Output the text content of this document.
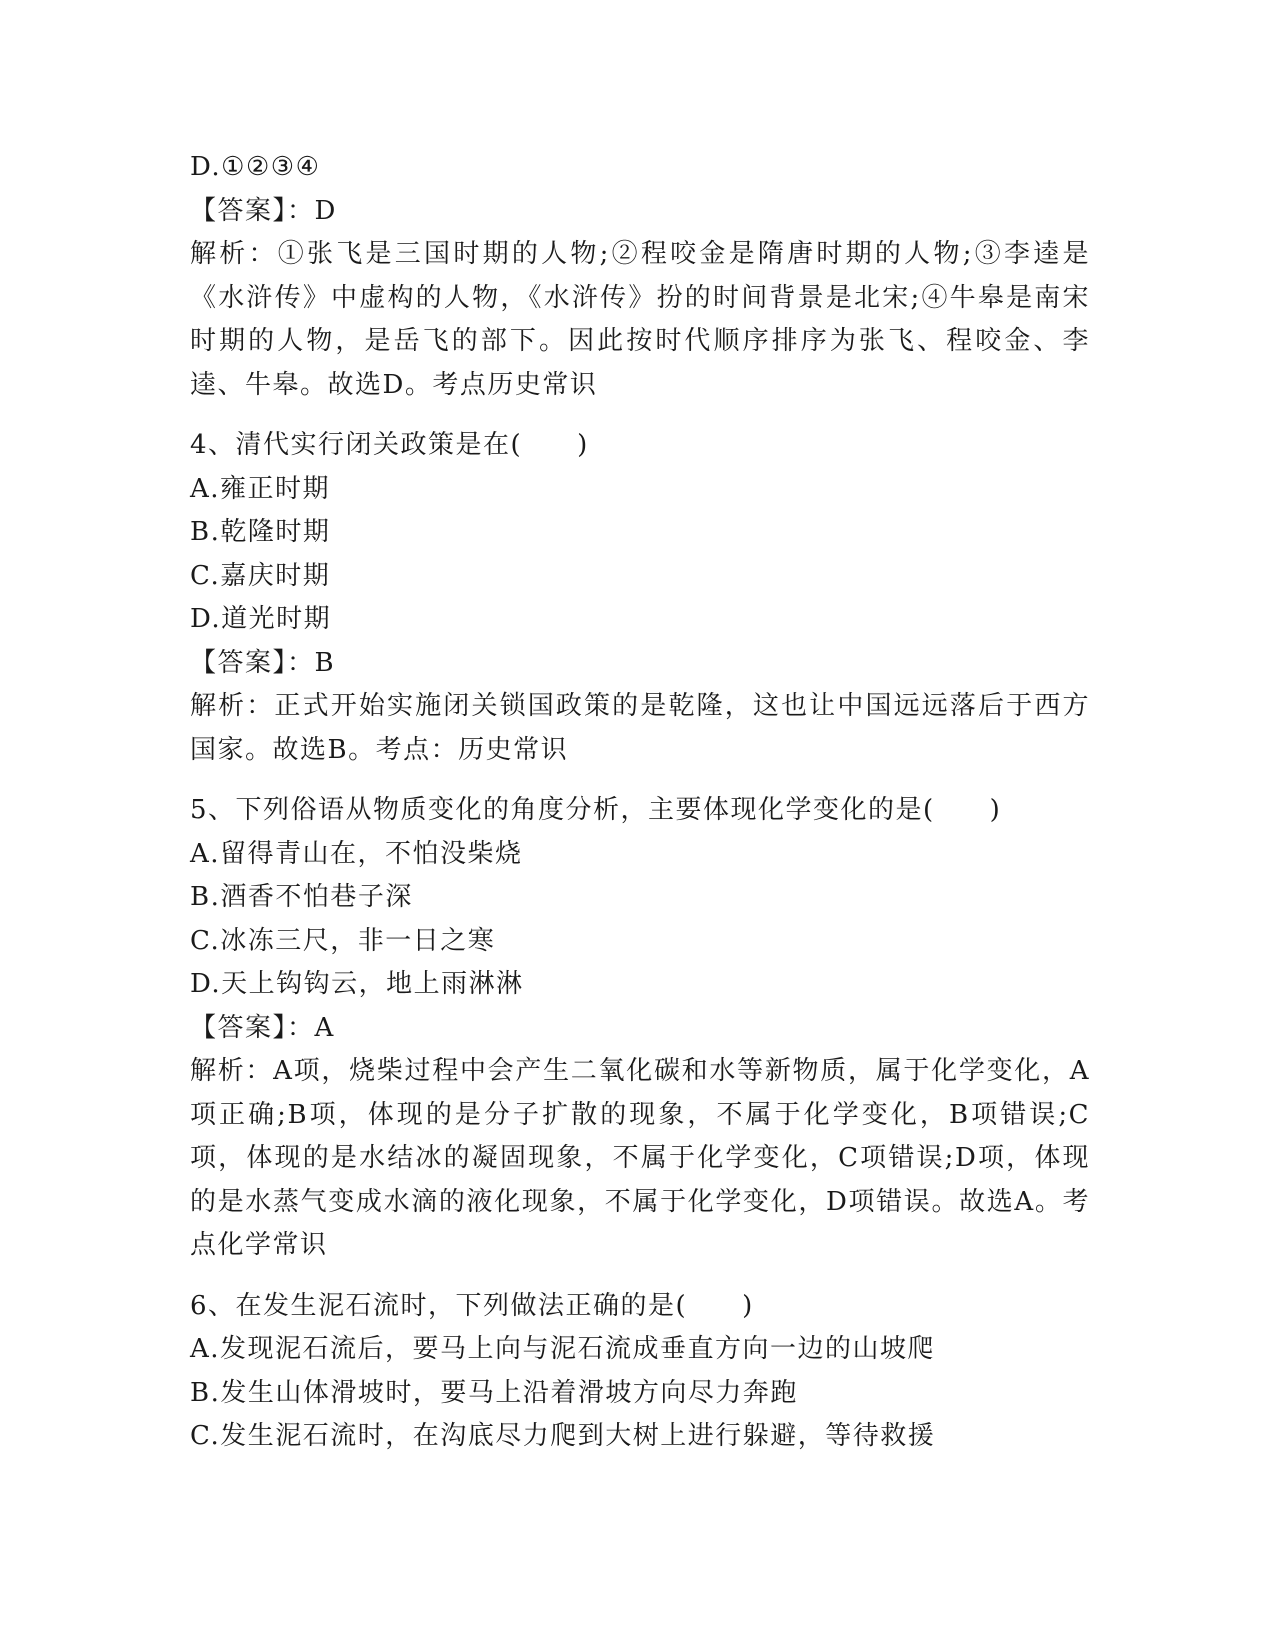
D.①②③④

【答案】：D

解析：①张飞是三国时期的人物;②程咬金是隋唐时期的人物;③李逵是《水浒传》中虚构的人物，《水浒传》扮的时间背景是北宋;④牛皋是南宋时期的人物，是岳飞的部下。因此按时代顺序排序为张飞、程咬金、李逵、牛皋。故选D。考点历史常识

4、清代实行闭关政策是在(　　)

A.雍正时期

B.乾隆时期

C.嘉庆时期

D.道光时期

【答案】：B

解析：正式开始实施闭关锁国政策的是乾隆，这也让中国远远落后于西方国家。故选B。考点：历史常识

5、下列俗语从物质变化的角度分析，主要体现化学变化的是(　　)

A.留得青山在，不怕没柴烧

B.酒香不怕巷子深

C.冰冻三尺，非一日之寒

D.天上钩钩云，地上雨淋淋

【答案】：A

解析：A项，烧柴过程中会产生二氧化碳和水等新物质，属于化学变化，A项正确;B项，体现的是分子扩散的现象，不属于化学变化，B项错误;C项，体现的是水结冰的凝固现象，不属于化学变化，C项错误;D项，体现的是水蒸气变成水滴的液化现象，不属于化学变化，D项错误。故选A。考点化学常识

6、在发生泥石流时，下列做法正确的是(　　)

A.发现泥石流后，要马上向与泥石流成垂直方向一边的山坡爬

B.发生山体滑坡时，要马上沿着滑坡方向尽力奔跑

C.发生泥石流时，在沟底尽力爬到大树上进行躲避，等待救援
